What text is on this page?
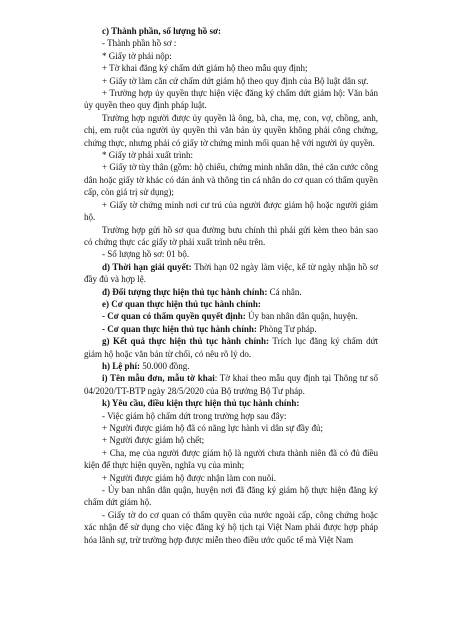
c) Thành phần, số lượng hồ sơ:

- Thành phần hồ sơ :

* Giấy tờ phải nộp:

+ Tờ khai đăng ký chấm dứt giám hộ theo mẫu quy định;

+ Giấy tờ làm căn cứ chấm dứt giám hộ theo quy định của Bộ luật dân sự.

+ Trường hợp ủy quyền thực hiện việc đăng ký chấm dứt giám hộ: Văn bản ủy quyền theo quy định pháp luật.

Trường hợp người được ủy quyền là ông, bà, cha, mẹ, con, vợ, chồng, anh, chị, em ruột của người ủy quyền thì văn bản ủy quyền không phải công chứng, chứng thực, nhưng phải có giấy tờ chứng minh mối quan hệ với người ủy quyền.

* Giấy tờ phải xuất trình:

+ Giấy tờ tùy thân (gồm: hộ chiếu, chứng minh nhân dân, thẻ căn cước công dân hoặc giấy tờ khác có dán ảnh và thông tin cá nhân do cơ quan có thẩm quyền cấp, còn giá trị sử dụng);

+ Giấy tờ chứng minh nơi cư trú của người được giám hộ hoặc người giám hộ.

Trường hợp gửi hồ sơ qua đường bưu chính thì phải gửi kèm theo bản sao có chứng thực các giấy tờ phải xuất trình nêu trên.

- Số lượng hồ sơ: 01 bộ.

d) Thời hạn giải quyết: Thời hạn 02 ngày làm việc, kể từ ngày nhận hồ sơ đầy đủ và hợp lệ.

đ) Đối tượng thực hiện thủ tục hành chính: Cá nhân.

e) Cơ quan thực hiện thủ tục hành chính:

- Cơ quan có thẩm quyền quyết định: Ủy ban nhân dân quận, huyện.

- Cơ quan thực hiện thủ tục hành chính: Phòng Tư pháp.

g) Kết quả thực hiện thủ tục hành chính: Trích lục đăng ký chấm dứt giám hộ hoặc văn bản từ chối, có nêu rõ lý do.

h) Lệ phí: 50.000 đồng.

i) Tên mẫu đơn, mẫu tờ khai: Tờ khai theo mẫu quy định tại Thông tư số 04/2020/TT-BTP ngày 28/5/2020 của Bộ trưởng Bộ Tư pháp.

k) Yêu cầu, điều kiện thực hiện thủ tục hành chính:

- Việc giám hộ chấm dứt trong trường hợp sau đây:

+ Người được giám hộ đã có năng lực hành vi dân sự đầy đủ;

+ Người được giám hộ chết;

+ Cha, mẹ của người được giám hộ là người chưa thành niên đã có đủ điều kiện để thực hiện quyền, nghĩa vụ của mình;

+ Người được giám hộ được nhận làm con nuôi.

- Ủy ban nhân dân quận, huyện nơi đã đăng ký giám hộ thực hiện đăng ký chấm dứt giám hộ.

- Giấy tờ do cơ quan có thẩm quyền của nước ngoài cấp, công chứng hoặc xác nhận để sử dụng cho việc đăng ký hộ tịch tại Việt Nam phải được hợp pháp hóa lãnh sự, trừ trường hợp được miễn theo điều ước quốc tế mà Việt Nam
